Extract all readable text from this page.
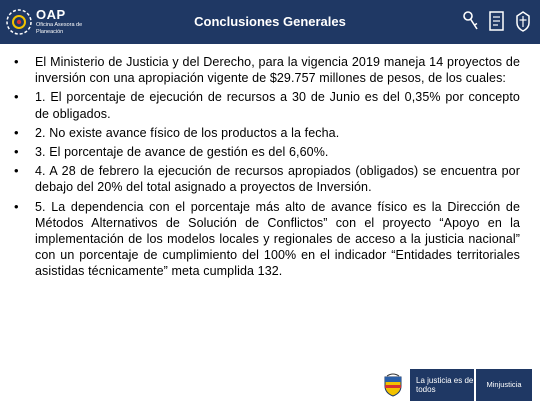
OAP
Oficina Asesora de Planeación
Conclusiones Generales
• El Ministerio de Justicia y del Derecho, para la vigencia 2019 maneja 14 proyectos de inversión con una apropiación vigente de $29.757 millones de pesos, de los cuales:
• 1. El porcentaje de ejecución de recursos a 30 de Junio es del 0,35% por concepto de obligados.
• 2. No existe avance físico de los productos a la fecha.
• 3. El porcentaje de avance de gestión es del 6,60%.
• 4. A 28 de febrero la ejecución de recursos apropiados (obligados) se encuentra por debajo del 20% del total asignado a proyectos de Inversión.
• 5. La dependencia con el porcentaje más alto de avance físico es la Dirección de Métodos Alternativos de Solución de Conflictos” con el proyecto “Apoyo en la implementación de los modelos locales y regionales de acceso a la justicia nacional” con un porcentaje de cumplimiento del 100% en el indicador “Entidades territoriales asistidas técnicamente” meta cumplida 132.
La justicia es de todos
Minjusticia
